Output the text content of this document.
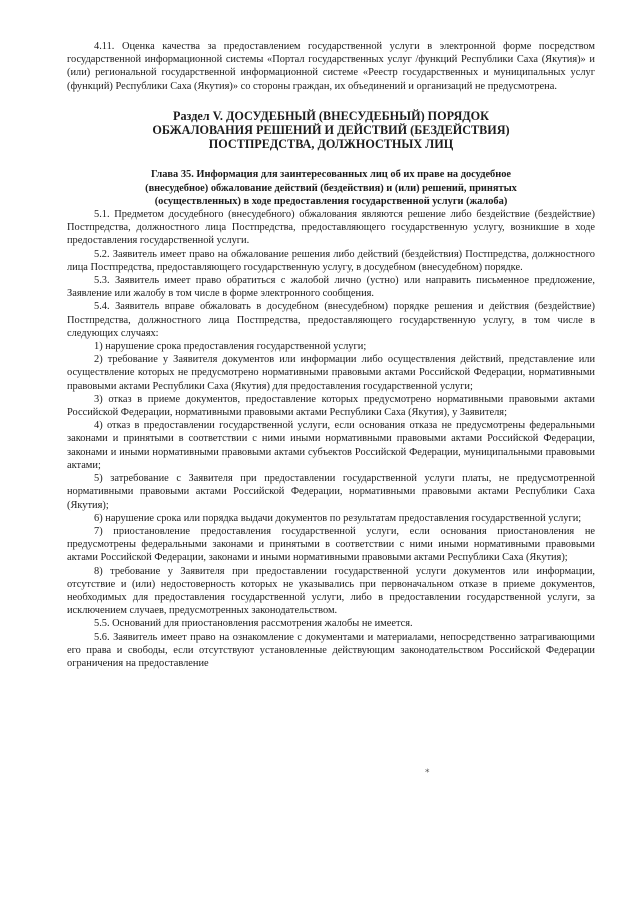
4.11. Оценка качества за предоставлением государственной услуги в электронной форме посредством государственной информационной системы «Портал государственных услуг /функций Республики Саха (Якутия)» и (или) региональной государственной информационной системе «Реестр государственных и муниципальных услуг (функций) Республики Саха (Якутия)» со стороны граждан, их объединений и организаций не предусмотрена.

Раздел V. ДОСУДЕБНЫЙ (ВНЕСУДЕБНЫЙ) ПОРЯДОК
ОБЖАЛОВАНИЯ РЕШЕНИЙ И ДЕЙСТВИЙ (БЕЗДЕЙСТВИЯ)
ПОСТПРЕДСТВА, ДОЛЖНОСТНЫХ ЛИЦ
Глава 35. Информация для заинтересованных лиц об их праве на досудебное
(внесудебное) обжалование действий (бездействия) и (или) решений, принятых
(осуществленных) в ходе предоставления государственной услуги (жалоба)

5.1. Предметом досудебного (внесудебного) обжалования являются решение либо бездействие (бездействие) Постпредства, должностного лица Постпредства, предоставляющего государственную услугу, возникшие в ходе предоставления государственной услуги.

5.2. Заявитель имеет право на обжалование решения либо действий (бездействия) Постпредства, должностного лица Постпредства, предоставляющего государственную услугу, в досудебном (внесудебном) порядке.

5.3. Заявитель имеет право обратиться с жалобой лично (устно) или направить письменное предложение, Заявление или жалобу в том числе в форме электронного сообщения.

5.4. Заявитель вправе обжаловать в досудебном (внесудебном) порядке решения и действия (бездействие) Постпредства, должностного лица Постпредства, предоставляющего государственную услугу, в том числе в следующих случаях:

1) нарушение срока предоставления государственной услуги;

2) требование у Заявителя документов или информации либо осуществления действий, представление или осуществление которых не предусмотрено нормативными правовыми актами Российской Федерации, нормативными правовыми актами Республики Саха (Якутия) для предоставления государственной услуги;

3) отказ в приеме документов, предоставление которых предусмотрено нормативными правовыми актами Российской Федерации, нормативными правовыми актами Республики Саха (Якутия), у Заявителя;

4) отказ в предоставлении государственной услуги, если основания отказа не предусмотрены федеральными законами и принятыми в соответствии с ними иными нормативными правовыми актами Российской Федерации, законами и иными нормативными правовыми актами субъектов Российской Федерации, муниципальными правовыми актами;

5) затребование с Заявителя при предоставлении государственной услуги платы, не предусмотренной нормативными правовыми актами Российской Федерации, нормативными правовыми актами Республики Саха (Якутия);

6) нарушение срока или порядка выдачи документов по результатам предоставления государственной услуги;

7) приостановление предоставления государственной услуги, если основания приостановления не предусмотрены федеральными законами и принятыми в соответствии с ними иными нормативными правовыми актами Российской Федерации, законами и иными нормативными правовыми актами Республики Саха (Якутия);

8) требование у Заявителя при предоставлении государственной услуги документов или информации, отсутствие и (или) недостоверность которых не указывались при первоначальном отказе в приеме документов, необходимых для предоставления государственной услуги, либо в предоставлении государственной услуги, за исключением случаев, предусмотренных законодательством.

5.5. Оснований для приостановления рассмотрения жалобы не имеется.

5.6. Заявитель имеет право на ознакомление с документами и материалами, непосредственно затрагивающими его права и свободы, если отсутствуют установленные действующим законодательством Российской Федерации ограничения на предоставление

*
